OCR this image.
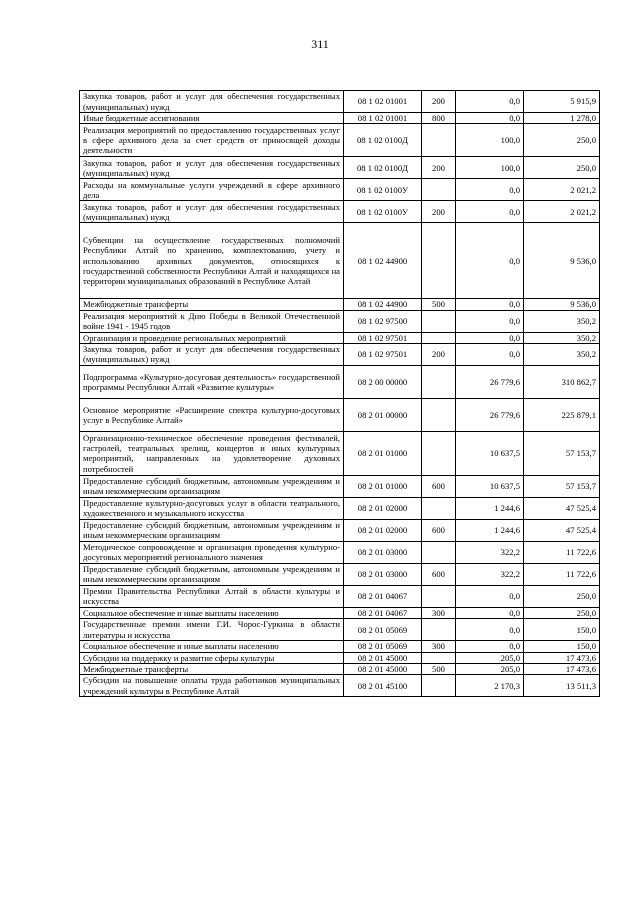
311
Закупка товаров, работ и услуг для обеспечения государственных (муниципальных) нужд	08 1 02 01001	200	0,0	5 915,9
Иные бюджетные ассигнования	08 1 02 01001	800	0,0	1 278,0
Реализация мероприятий по предоставлению государственных услуг в сфере архивного дела за счет средств от приносящей доходы деятельности	08 1 02 0100Д		100,0	250,0
Закупка товаров, работ и услуг для обеспечения государственных (муниципальных) нужд	08 1 02 0100Д	200	100,0	250,0
Расходы на коммунальные услуги учреждений в сфере архивного дела	08 1 02 0100У		0,0	2 021,2
Закупка товаров, работ и услуг для обеспечения государственных (муниципальных) нужд	08 1 02 0100У	200	0,0	2 021,2
Субвенции на осуществление государственных полномочий Республики Алтай по хранению, комплектованию, учету и использованию архивных документов, относящихся к государственной собственности Республики Алтай и находящихся на территории муниципальных образований в Республике Алтай	08 1 02 44900		0,0	9 536,0
Межбюджетные трансферты	08 1 02 44900	500	0,0	9 536,0
Реализация мероприятий к Дню Победы в Великой Отечественной войне 1941 - 1945 годов	08 1 02 97500		0,0	350,2
Организация и проведение региональных мероприятий	08 1 02 97501		0,0	350,2
Закупка товаров, работ и услуг для обеспечения государственных (муниципальных) нужд	08 1 02 97501	200	0,0	350,2
Подпрограмма «Культурно-досуговая деятельность» государственной программы Республики Алтай «Развитие культуры»	08 2 00 00000		26 779,6	310 862,7
Основное мероприятие «Расширение спектра культурно-досуговых услуг в Республике Алтай»	08 2 01 00000		26 779,6	225 879,1
Организационно-техническое обеспечение проведения фестивалей, гастролей, театральных зрелищ, концертов и иных культурных мероприятий, направленных на удовлетворение духовных потребностей	08 2 01 01000		10 637,5	57 153,7
Предоставление субсидий бюджетным, автономным учреждениям и иным некоммерческим организациям	08 2 01 01000	600	10 637,5	57 153,7
Предоставление культурно-досуговых услуг в области театрального, художественного и музыкального искусства	08 2 01 02000		1 244,6	47 525,4
Предоставление субсидий бюджетным, автономным учреждениям и иным некоммерческим организациям	08 2 01 02000	600	1 244,6	47 525,4
Методическое сопровождение и организация проведения культурно-досуговых мероприятий регионального значения	08 2 01 03000		322,2	11 722,6
Предоставление субсидий бюджетным, автономным учреждениям и иным некоммерческим организациям	08 2 01 03000	600	322,2	11 722,6
Премии Правительства Республики Алтай в области культуры и искусства	08 2 01 04067		0,0	250,0
Социальное обеспечение и иные выплаты населению	08 2 01 04067	300	0,0	250,0
Государственные премии имени Г.И. Чорос-Гуркина в области литературы и искусства	08 2 01 05069		0,0	150,0
Социальное обеспечение и иные выплаты населению	08 2 01 05069	300	0,0	150,0
Субсидии на поддержку и развитие сферы культуры	08 2 01 45000		205,0	17 473,6
Межбюджетные трансферты	08 2 01 45000	500	205,0	17 473,6
Субсидии на повышение оплаты труда работников муниципальных учреждений культуры в Республике Алтай	08 2 01 45100		2 170,3	13 511,3
